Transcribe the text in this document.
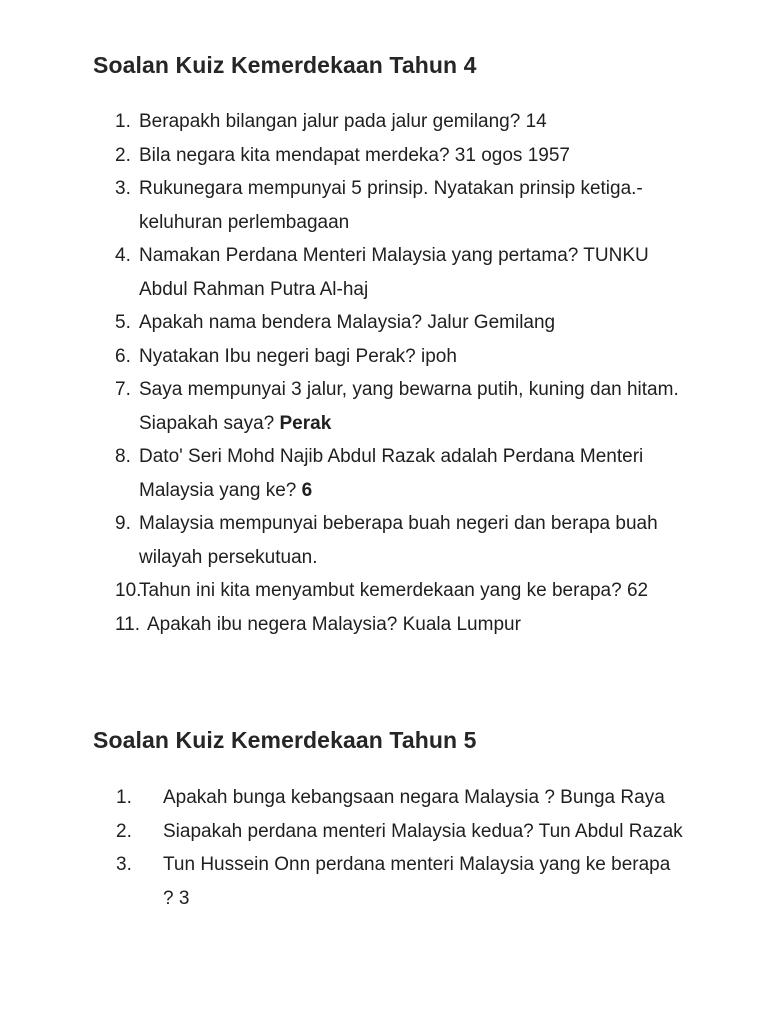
Soalan Kuiz Kemerdekaan Tahun 4
1. Berapakh bilangan jalur pada jalur gemilang? 14
2. Bila negara kita mendapat merdeka? 31 ogos 1957
3. Rukunegara mempunyai 5 prinsip. Nyatakan prinsip ketiga.-keluhuran perlembagaan
4. Namakan Perdana Menteri Malaysia yang pertama? TUNKU Abdul Rahman Putra Al-haj
5. Apakah nama bendera Malaysia? Jalur Gemilang
6. Nyatakan Ibu negeri bagi Perak? ipoh
7. Saya mempunyai 3 jalur, yang bewarna putih, kuning dan hitam. Siapakah saya? Perak
8. Dato' Seri Mohd Najib Abdul Razak adalah Perdana Menteri Malaysia yang ke? 6
9. Malaysia mempunyai beberapa buah negeri dan berapa buah wilayah persekutuan.
10.
Tahun ini kita menyambut kemerdekaan yang ke berapa? 62
11. Apakah ibu negera Malaysia? Kuala Lumpur
Soalan Kuiz Kemerdekaan Tahun 5
1. Apakah bunga kebangsaan negara Malaysia ? Bunga Raya
2. Siapakah perdana menteri Malaysia kedua? Tun Abdul Razak
3. Tun Hussein Onn perdana menteri Malaysia yang ke berapa ? 3
